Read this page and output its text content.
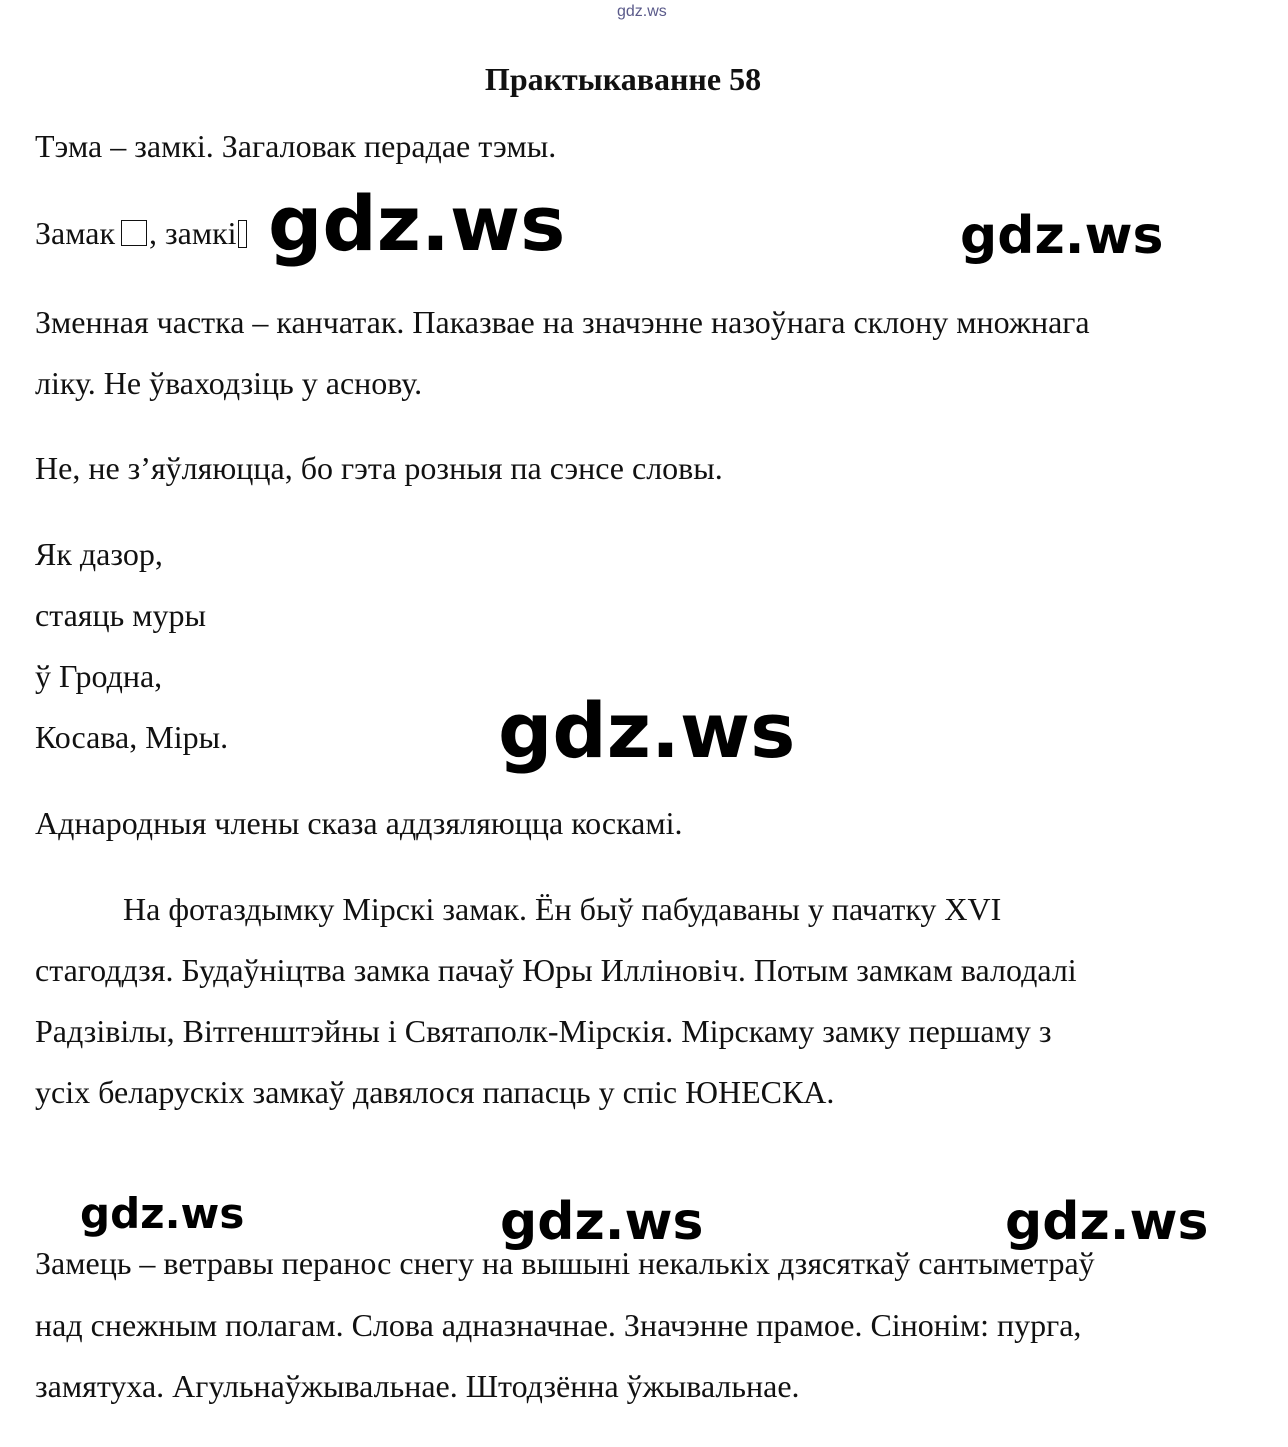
gdz.ws
Практыкаванне 58

Тэма – замкі. Загаловак перадае тэмы.

Замак , замкі

Зменная частка – канчатак. Паказвае на значэнне назоўнага склону множнага

ліку. Не ўваходзіць у аснову.

Не, не з’яўляюцца, бо гэта розныя па сэнсе словы.

Як дазор,

стаяць муры

ў Гродна,

Косава, Міры.

Аднародныя члены сказа аддзяляюцца коскамі.

На фотаздымку Мірскі замак. Ён быў пабудаваны у пачатку XVI

стагоддзя. Будаўніцтва замка пачаў Юры Илліновіч. Потым замкам валодалі

Радзівілы, Вітгенштэйны і Святаполк-Мірскія. Мірскаму замку першаму з

усіх беларускіх замкаў давялося папасць у спіс ЮНЕСКА.

Замець – ветравы перанос снегу на вышыні некалькіх дзясяткаў сантыметраў

над снежным полагам. Слова аднaзначнае. Значэнне прамое. Сінонім: пурга,

замятуха. Агульнаўжывальнае. Штодзённа ўжывальнае.

gdz.ws	gdz.ws
gdz.ws
gdz.ws	gdz.ws	gdz.ws
